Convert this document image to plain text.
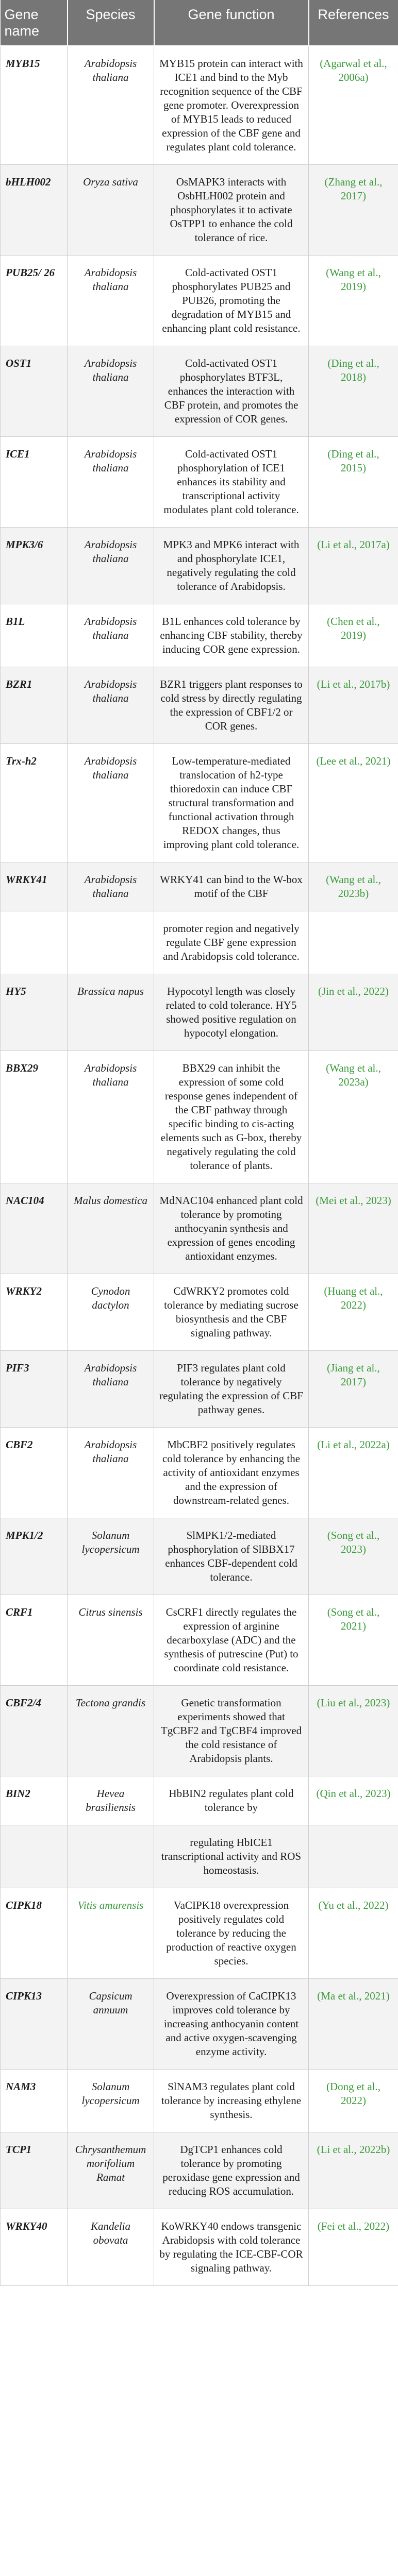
Gene name	Species	Gene function	References
MYB15	Arabidopsis thaliana	MYB15 protein can interact with ICE1 and bind to the Myb recognition sequence of the CBF gene promoter. Overexpression of MYB15 leads to reduced expression of the CBF gene and regulates plant cold tolerance.	(Agarwal et al., 2006a)
bHLH002	Oryza sativa	OsMAPK3 interacts with OsbHLH002 protein and phosphorylates it to activate OsTPP1 to enhance the cold tolerance of rice.	(Zhang et al., 2017)
PUB25/ 26	Arabidopsis thaliana	Cold-activated OST1 phosphorylates PUB25 and PUB26, promoting the degradation of MYB15 and enhancing plant cold resistance.	(Wang et al., 2019)
OST1	Arabidopsis thaliana	Cold-activated OST1 phosphorylates BTF3L, enhances the interaction with CBF protein, and promotes the expression of COR genes.	(Ding et al., 2018)
ICE1	Arabidopsis thaliana	Cold-activated OST1 phosphorylation of ICE1 enhances its stability and transcriptional activity modulates plant cold tolerance.	(Ding et al., 2015)
MPK3/6	Arabidopsis thaliana	MPK3 and MPK6 interact with and phosphorylate ICE1, negatively regulating the cold tolerance of Arabidopsis.	(Li et al., 2017a)
B1L	Arabidopsis thaliana	B1L enhances cold tolerance by enhancing CBF stability, thereby inducing COR gene expression.	(Chen et al., 2019)
BZR1	Arabidopsis thaliana	BZR1 triggers plant responses to cold stress by directly regulating the expression of CBF1/2 or COR genes.	(Li et al., 2017b)
Trx-h2	Arabidopsis thaliana	Low-temperature-mediated translocation of h2-type thioredoxin can induce CBF structural transformation and functional activation through REDOX changes, thus improving plant cold tolerance.	(Lee et al., 2021)
WRKY41	Arabidopsis thaliana	WRKY41 can bind to the W-box motif of the CBF	(Wang et al., 2023b)
		promoter region and negatively regulate CBF gene expression and Arabidopsis cold tolerance.	
HY5	Brassica napus	Hypocotyl length was closely related to cold tolerance. HY5 showed positive regulation on hypocotyl elongation.	(Jin et al., 2022)
BBX29	Arabidopsis thaliana	BBX29 can inhibit the expression of some cold response genes independent of the CBF pathway through specific binding to cis-acting elements such as G-box, thereby negatively regulating the cold tolerance of plants.	(Wang et al., 2023a)
NAC104	Malus domestica	MdNAC104 enhanced plant cold tolerance by promoting anthocyanin synthesis and expression of genes encoding antioxidant enzymes.	(Mei et al., 2023)
WRKY2	Cynodon dactylon	CdWRKY2 promotes cold tolerance by mediating sucrose biosynthesis and the CBF signaling pathway.	(Huang et al., 2022)
PIF3	Arabidopsis thaliana	PIF3 regulates plant cold tolerance by negatively regulating the expression of CBF pathway genes.	(Jiang et al., 2017)
CBF2	Arabidopsis thaliana	MbCBF2 positively regulates cold tolerance by enhancing the activity of antioxidant enzymes and the expression of downstream-related genes.	(Li et al., 2022a)
MPK1/2	Solanum lycopersicum	SlMPK1/2-mediated phosphorylation of SlBBX17 enhances CBF-dependent cold tolerance.	(Song et al., 2023)
CRF1	Citrus sinensis	CsCRF1 directly regulates the expression of arginine decarboxylase (ADC) and the synthesis of putrescine (Put) to coordinate cold resistance.	(Song et al., 2021)
CBF2/4	Tectona grandis	Genetic transformation experiments showed that TgCBF2 and TgCBF4 improved the cold resistance of Arabidopsis plants.	(Liu et al., 2023)
BIN2	Hevea brasiliensis	HbBIN2 regulates plant cold tolerance by	(Qin et al., 2023)
		regulating HbICE1 transcriptional activity and ROS homeostasis.	
CIPK18	Vitis amurensis	VaCIPK18 overexpression positively regulates cold tolerance by reducing the production of reactive oxygen species.	(Yu et al., 2022)
CIPK13	Capsicum annuum	Overexpression of CaCIPK13 improves cold tolerance by increasing anthocyanin content and active oxygen-scavenging enzyme activity.	(Ma et al., 2021)
NAM3	Solanum lycopersicum	SlNAM3 regulates plant cold tolerance by increasing ethylene synthesis.	(Dong et al., 2022)
TCP1	Chrysanthemum morifolium Ramat	DgTCP1 enhances cold tolerance by promoting peroxidase gene expression and reducing ROS accumulation.	(Li et al., 2022b)
WRKY40	Kandelia obovata	KoWRKY40 endows transgenic Arabidopsis with cold tolerance by regulating the ICE-CBF-COR signaling pathway.	(Fei et al., 2022)
